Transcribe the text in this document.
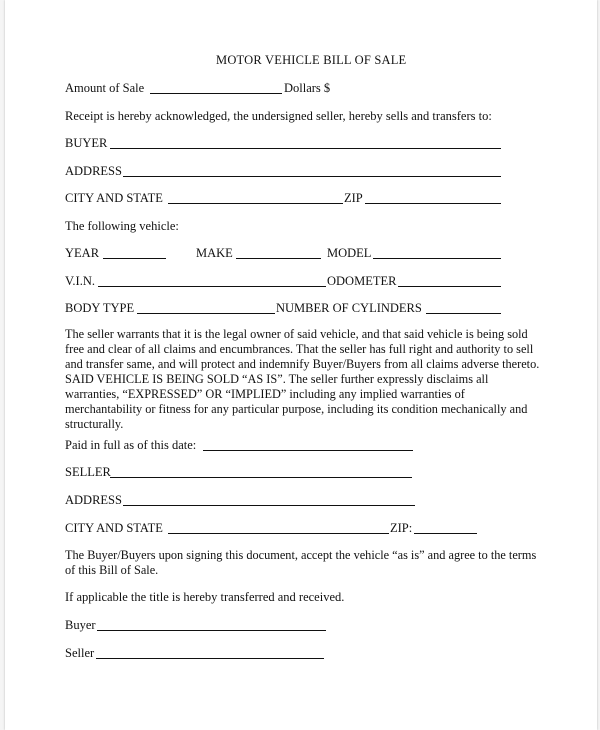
MOTOR VEHICLE BILL OF SALE
Amount of Sale	Dollars $
Receipt is hereby acknowledged, the undersigned seller, hereby sells and transfers to:
BUYER
ADDRESS
CITY AND STATE	ZIP
The following vehicle:
YEAR	MAKE	MODEL
V.I.N.	ODOMETER
BODY TYPE	NUMBER OF CYLINDERS
The seller warrants that it is the legal owner of said vehicle, and that said vehicle is being sold
free and clear of all claims and encumbrances. That the seller has full right and authority to sell
and transfer same, and will protect and indemnify Buyer/Buyers from all claims adverse thereto.
SAID VEHICLE IS BEING SOLD “AS IS”. The seller further expressly disclaims all
warranties, “EXPRESSED” OR “IMPLIED” including any implied warranties of
merchantability or fitness for any particular purpose, including its condition mechanically and
structurally.
Paid in full as of this date:
SELLER
ADDRESS
CITY AND STATE	ZIP:
The Buyer/Buyers upon signing this document, accept the vehicle “as is” and agree to the terms
of this Bill of Sale.
If applicable the title is hereby transferred and received.
Buyer
Seller
